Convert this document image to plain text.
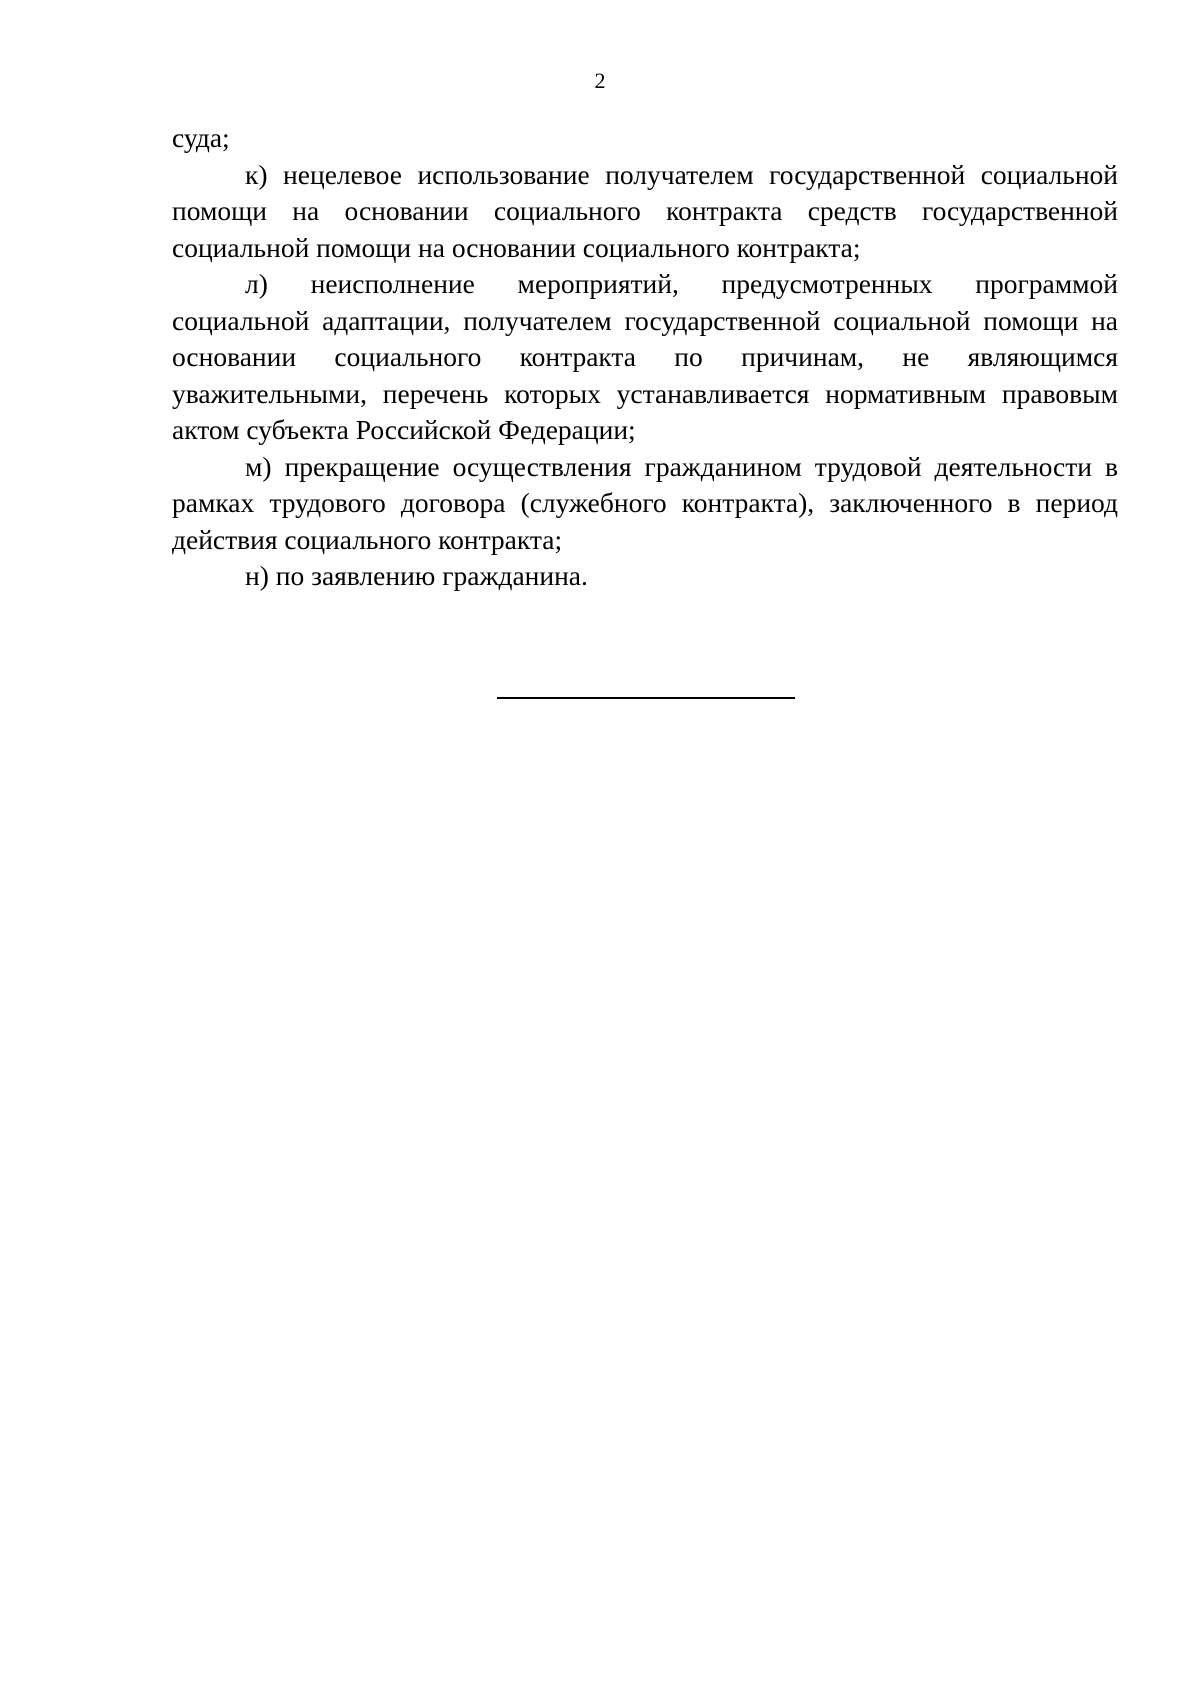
2

суда;

к) нецелевое использование получателем государственной социальной помощи на основании социального контракта средств государственной социальной помощи на основании социального контракта;

л) неисполнение мероприятий, предусмотренных программой социальной адаптации, получателем государственной социальной помощи на основании социального контракта по причинам, не являющимся уважительными, перечень которых устанавливается нормативным правовым актом субъекта Российской Федерации;

м) прекращение осуществления гражданином трудовой деятельности в рамках трудового договора (служебного контракта), заключенного в период действия социального контракта;

н) по заявлению гражданина.
